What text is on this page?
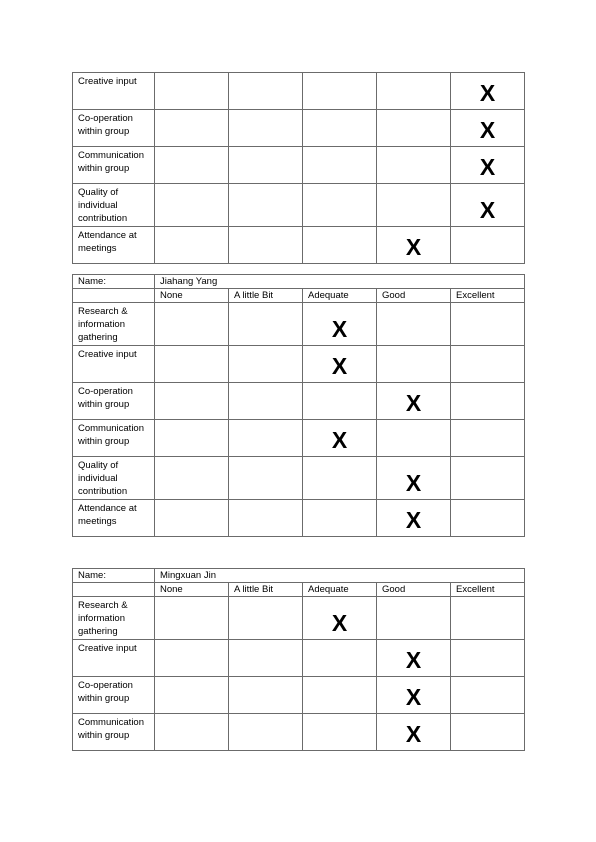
Creative input					X

Co-operation within group					X

Communication within group					X

Quality of individual contribution					X

Attendance at meetings				X	

Name:	Jiahang Yang				
	None	A little Bit	Adequate	Good	Excellent
Research & information gathering			X		

Creative input			X		

Co-operation within group				X	

Communication within group			X		

Quality of individual contribution				X	

Attendance at meetings				X	

Name:	Mingxuan Jin				
	None	A little Bit	Adequate	Good	Excellent
Research & information gathering			X		

Creative input				X	

Co-operation within group				X	

Communication within group				X	
